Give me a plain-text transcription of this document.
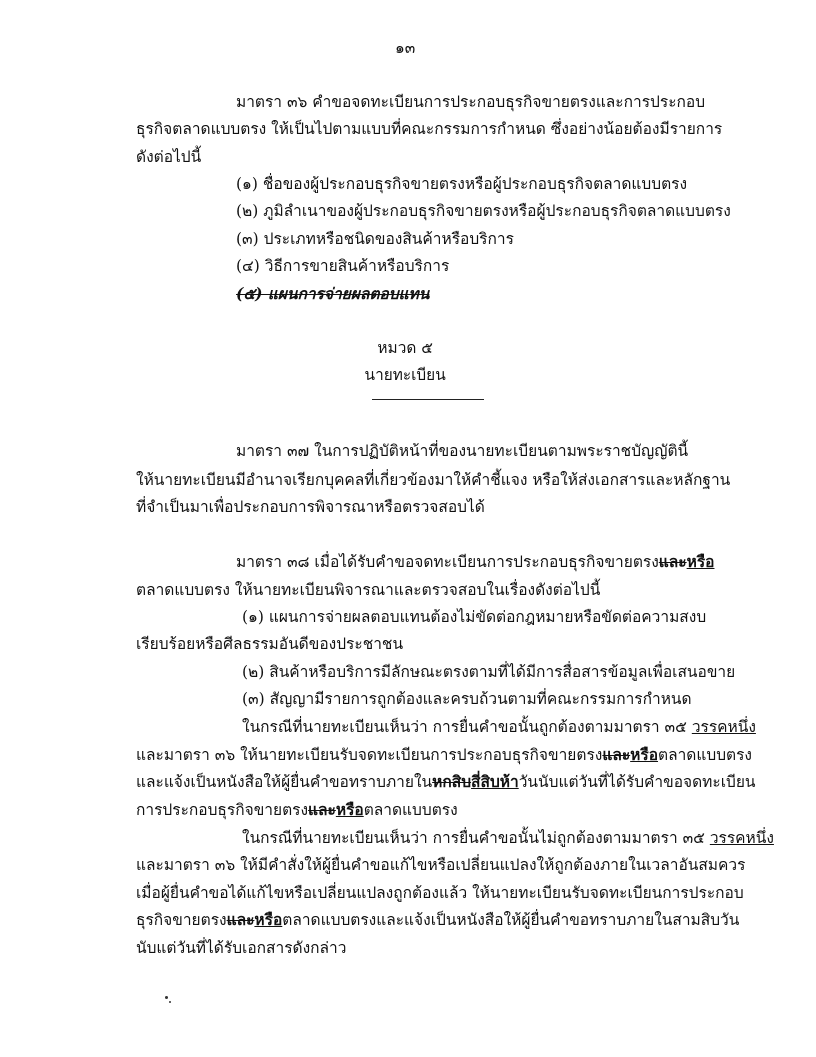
๑๓
มาตรา ๓๖ คำขอจดทะเบียนการประกอบธุรกิจขายตรงและการประกอบ
ธุรกิจตลาดแบบตรง ให้เป็นไปตามแบบที่คณะกรรมการกำหนด ซึ่งอย่างน้อยต้องมีรายการ
ดังต่อไปนี้
(๑) ชื่อของผู้ประกอบธุรกิจขายตรงหรือผู้ประกอบธุรกิจตลาดแบบตรง
(๒) ภูมิลำเนาของผู้ประกอบธุรกิจขายตรงหรือผู้ประกอบธุรกิจตลาดแบบตรง
(๓) ประเภทหรือชนิดของสินค้าหรือบริการ
(๔) วิธีการขายสินค้าหรือบริการ
(๕) แผนการจ่ายผลตอบแทน
หมวด ๕
นายทะเบียน
มาตรา ๓๗ ในการปฏิบัติหน้าที่ของนายทะเบียนตามพระราชบัญญัตินี้
ให้นายทะเบียนมีอำนาจเรียกบุคคลที่เกี่ยวข้องมาให้คำชี้แจง หรือให้ส่งเอกสารและหลักฐาน
ที่จำเป็นมาเพื่อประกอบการพิจารณาหรือตรวจสอบได้
มาตรา ๓๘ เมื่อได้รับคำขอจดทะเบียนการประกอบธุรกิจขายตรงและหรือ
ตลาดแบบตรง ให้นายทะเบียนพิจารณาและตรวจสอบในเรื่องดังต่อไปนี้
(๑) แผนการจ่ายผลตอบแทนต้องไม่ขัดต่อกฎหมายหรือขัดต่อความสงบ
เรียบร้อยหรือศีลธรรมอันดีของประชาชน
(๒) สินค้าหรือบริการมีลักษณะตรงตามที่ได้มีการสื่อสารข้อมูลเพื่อเสนอขาย
(๓) สัญญามีรายการถูกต้องและครบถ้วนตามที่คณะกรรมการกำหนด
ในกรณีที่นายทะเบียนเห็นว่า การยื่นคำขอนั้นถูกต้องตามมาตรา ๓๕ วรรคหนึ่ง
และมาตรา ๓๖ ให้นายทะเบียนรับจดทะเบียนการประกอบธุรกิจขายตรงและหรือตลาดแบบตรง
และแจ้งเป็นหนังสือให้ผู้ยื่นคำขอทราบภายในหกสิบสี่สิบห้าวันนับแต่วันที่ได้รับคำขอจดทะเบียน
การประกอบธุรกิจขายตรงและหรือตลาดแบบตรง
ในกรณีที่นายทะเบียนเห็นว่า การยื่นคำขอนั้นไม่ถูกต้องตามมาตรา ๓๕ วรรคหนึ่ง
และมาตรา ๓๖ ให้มีคำสั่งให้ผู้ยื่นคำขอแก้ไขหรือเปลี่ยนแปลงให้ถูกต้องภายในเวลาอันสมควร
เมื่อผู้ยื่นคำขอได้แก้ไขหรือเปลี่ยนแปลงถูกต้องแล้ว ให้นายทะเบียนรับจดทะเบียนการประกอบ
ธุรกิจขายตรงและหรือตลาดแบบตรงและแจ้งเป็นหนังสือให้ผู้ยื่นคำขอทราบภายในสามสิบวัน
นับแต่วันที่ได้รับเอกสารดังกล่าว
